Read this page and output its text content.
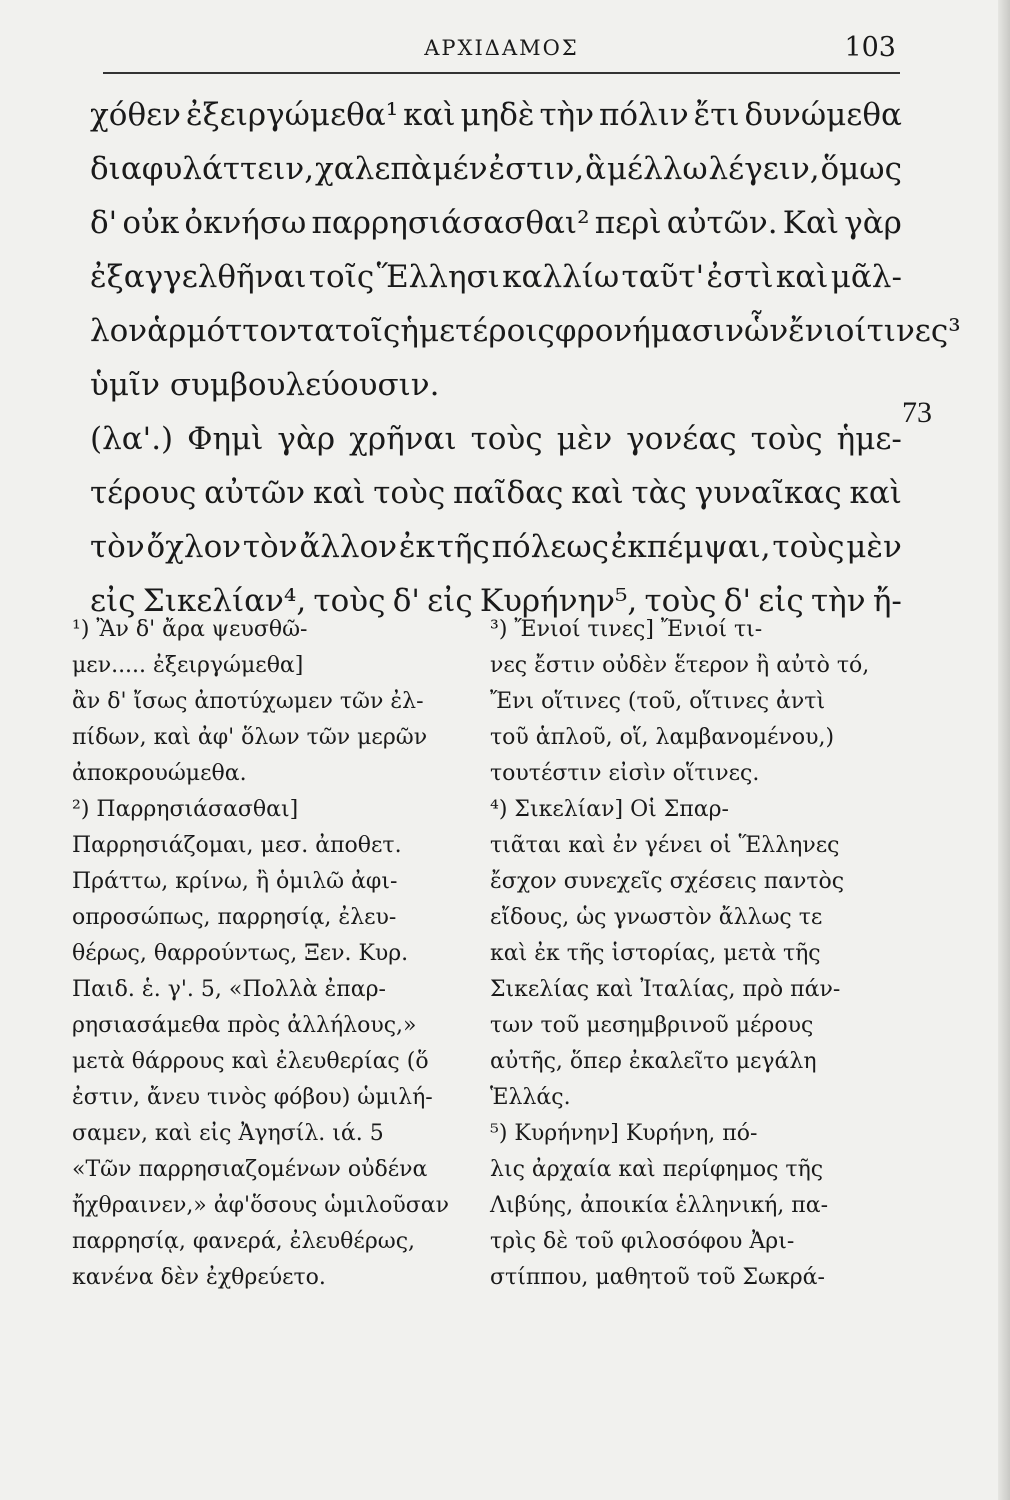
ΑΡΧΙΔΑΜΟΣ	103
χόθεν ἐξειργώμεθα¹ καὶ μηδὲ τὴν πόλιν ἔτι δυνώμεθα
διαφυλάττειν, χαλεπὰ μέν ἐστιν, ἃ μέλλω λέγειν, ὅμως
δ' οὐκ ὀκνήσω παρρησιάσασθαι² περὶ αὐτῶν. Καὶ γὰρ
ἐξαγγελθῆναι τοῖς Ἕλλησι καλλίω ταῦτ' ἐστὶ καὶ μᾶλ-
λον ἁρμόττοντα τοῖς ἡμετέροις φρονήμασιν ὧν ἔνιοί τινες³
ὑμῖν συμβουλεύουσιν.
(λα'.) Φημὶ γὰρ χρῆναι τοὺς μὲν γονέας τοὺς ἡμε-
τέρους αὐτῶν καὶ τοὺς παῖδας καὶ τὰς γυναῖκας καὶ
τὸν ὄχλον τὸν ἄλλον ἐκ τῆς πόλεως ἐκπέμψαι, τοὺς μὲν
εἰς Σικελίαν⁴, τοὺς δ' εἰς Κυρήνην⁵, τοὺς δ' εἰς τὴν ἤ-
73
¹) Ἂν δ' ἄρα ψευσθῶ-
μεν..... ἐξειργώμεθα]
ἂν δ' ἴσως ἀποτύχωμεν τῶν ἐλ-
πίδων, καὶ ἀφ' ὅλων τῶν μερῶν
ἀποκρουώμεθα.
²) Παρρησιάσασθαι]
Παρρησιάζομαι, μεσ. ἀποθετ.
Πράττω, κρίνω, ἢ ὁμιλῶ ἀφι-
οπροσώπως, παρρησίᾳ, ἐλευ-
θέρως, θαρρούντως, Ξεν. Κυρ.
Παιδ. ἑ. γ'. 5, «Πολλὰ ἐπαρ-
ρησιασάμεθα πρὸς ἀλλήλους,»
μετὰ θάρρους καὶ ἐλευθερίας (ὅ
ἐστιν, ἄνευ τινὸς φόβου) ὡμιλή-
σαμεν, καὶ εἰς Ἀγησίλ. ιά. 5
«Τῶν παρρησιαζομένων οὐδένα
ἤχθραινεν,» ἀφ'ὅσους ὡμιλοῦσαν
παρρησίᾳ, φανερά, ἐλευθέρως,
κανένα δὲν ἐχθρεύετο.
³) Ἔνιοί τινες] Ἔνιοί τι-
νες ἔστιν οὐδὲν ἕτερον ἢ αὐτὸ τό,
Ἔνι οἵτινες (τοῦ, οἵτινες ἀντὶ
τοῦ ἁπλοῦ, οἵ, λαμβανομένου,)
τουτέστιν εἰσὶν οἵτινες.
⁴) Σικελίαν] Οἱ Σπαρ-
τιᾶται καὶ ἐν γένει οἱ Ἕλληνες
ἔσχον συνεχεῖς σχέσεις παντὸς
εἴδους, ὡς γνωστὸν ἄλλως τε
καὶ ἐκ τῆς ἱστορίας, μετὰ τῆς
Σικελίας καὶ Ἰταλίας, πρὸ πάν-
των τοῦ μεσημβρινοῦ μέρους
αὐτῆς, ὅπερ ἐκαλεῖτο μεγάλη
Ἑλλάς.
⁵) Κυρήνην] Κυρήνη, πό-
λις ἀρχαία καὶ περίφημος τῆς
Λιβύης, ἀποικία ἑλληνική, πα-
τρὶς δὲ τοῦ φιλοσόφου Ἀρι-
στίππου, μαθητοῦ τοῦ Σωκρά-
